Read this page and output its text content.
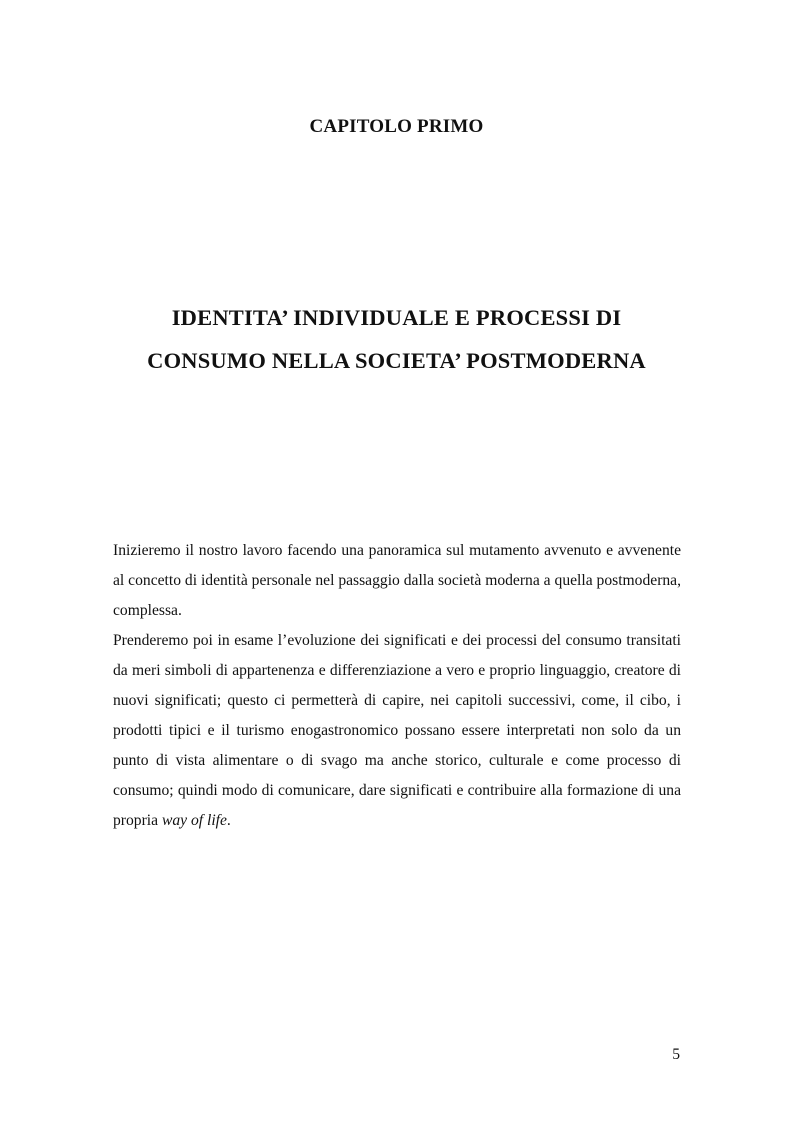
CAPITOLO PRIMO
IDENTITA’ INDIVIDUALE E PROCESSI DI
CONSUMO NELLA SOCIETA’ POSTMODERNA

Inizieremo il nostro lavoro facendo una panoramica sul mutamento avvenuto e avvenente al concetto di identità personale nel passaggio dalla società moderna a quella postmoderna, complessa.

Prenderemo poi in esame l’evoluzione dei significati e dei processi del consumo transitati da meri simboli di appartenenza e differenziazione a vero e proprio linguaggio, creatore di nuovi significati; questo ci permetterà di capire, nei capitoli successivi, come, il cibo, i prodotti tipici e il turismo enogastronomico possano essere interpretati non solo da un punto di vista alimentare o di svago ma anche storico, culturale e come processo di consumo; quindi modo di comunicare, dare significati e contribuire alla formazione di una propria way of life.

5
